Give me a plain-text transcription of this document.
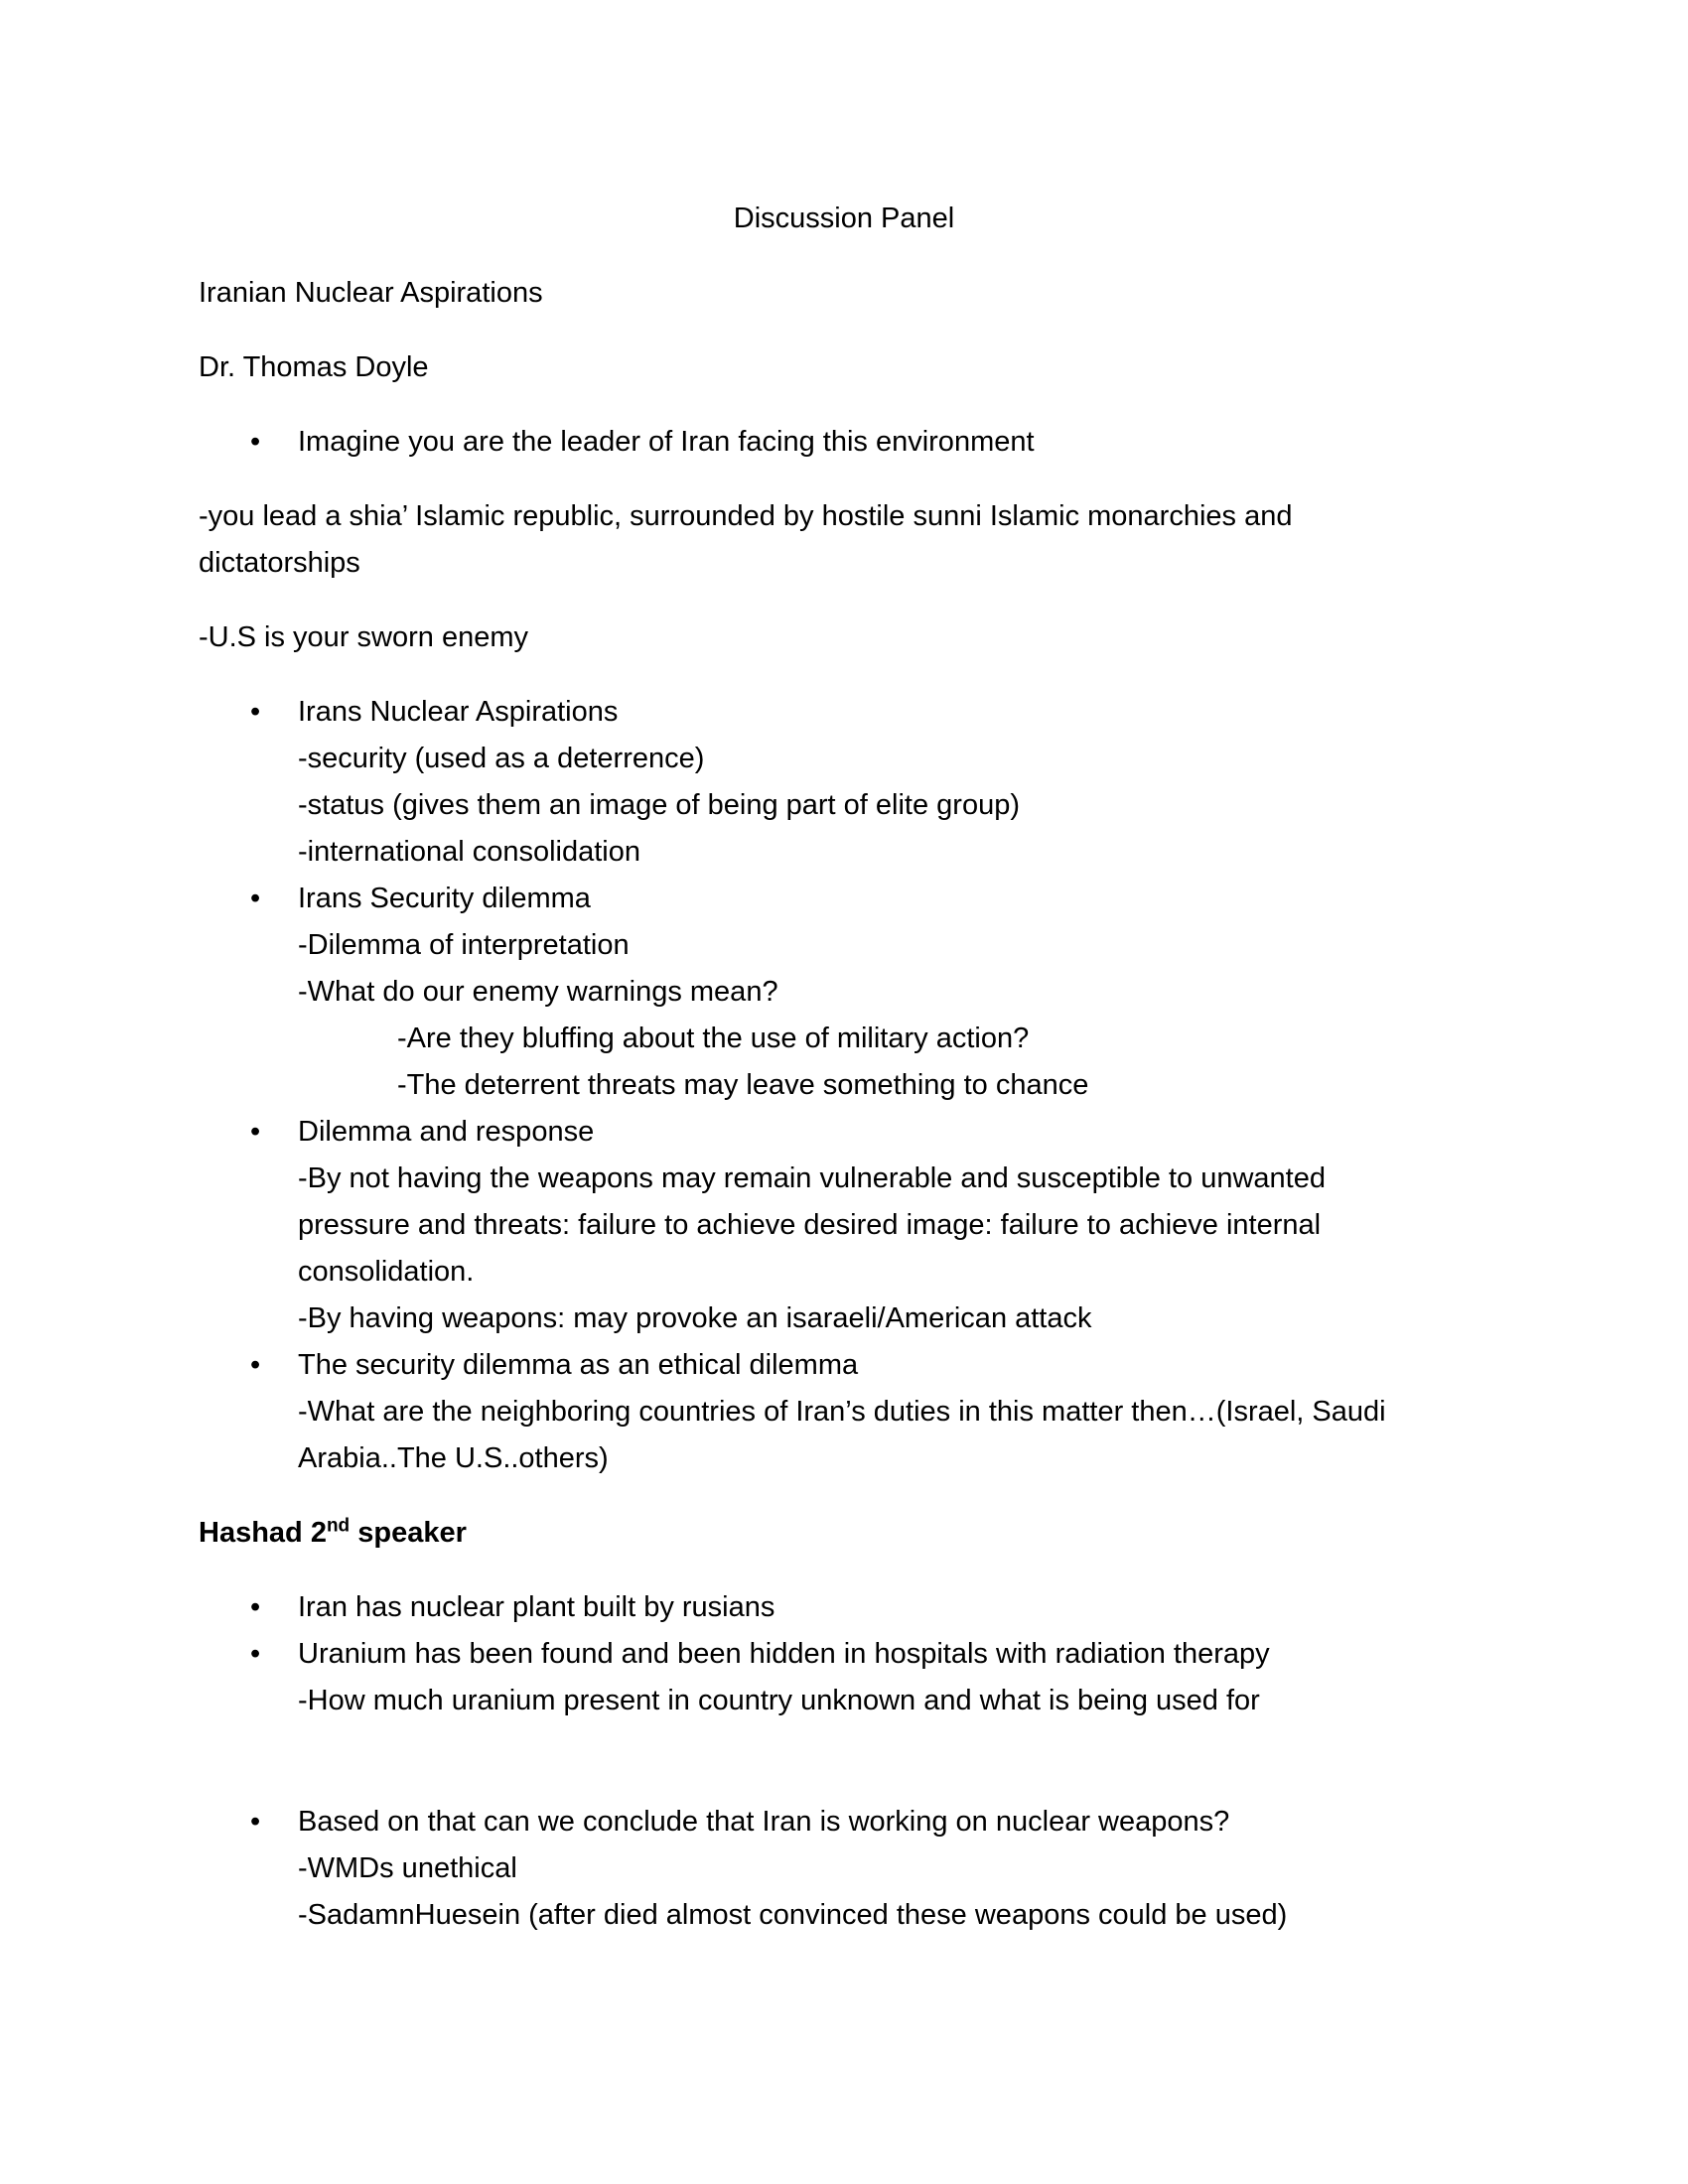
Discussion Panel
Iranian Nuclear Aspirations
Dr. Thomas Doyle
• Imagine you are the leader of Iran facing this environment
-you lead a shia’ Islamic republic, surrounded by hostile sunni Islamic monarchies and
dictatorships
-U.S is your sworn enemy
• Irans Nuclear Aspirations
-security (used as a deterrence)
-status (gives them an image of being part of elite group)
-international consolidation
• Irans Security dilemma
-Dilemma of interpretation
-What do our enemy warnings mean?
-Are they bluffing about the use of military action?
-The deterrent threats may leave something to chance
• Dilemma and response
-By not having the weapons may remain vulnerable and susceptible to unwanted
pressure and threats: failure to achieve desired image: failure to achieve internal
consolidation.
-By having weapons: may provoke an isaraeli/American attack
• The security dilemma as an ethical dilemma
-What are the neighboring countries of Iran’s duties in this matter then…(Israel, Saudi
Arabia..The U.S..others)
Hashad 2nd speaker
• Iran has nuclear plant built by rusians
• Uranium has been found and been hidden in hospitals with radiation therapy
-How much uranium present in country unknown and what is being used for
• Based on that can we conclude that Iran is working on nuclear weapons?
-WMDs unethical
-SadamnHuesein (after died almost convinced these weapons could be used)
